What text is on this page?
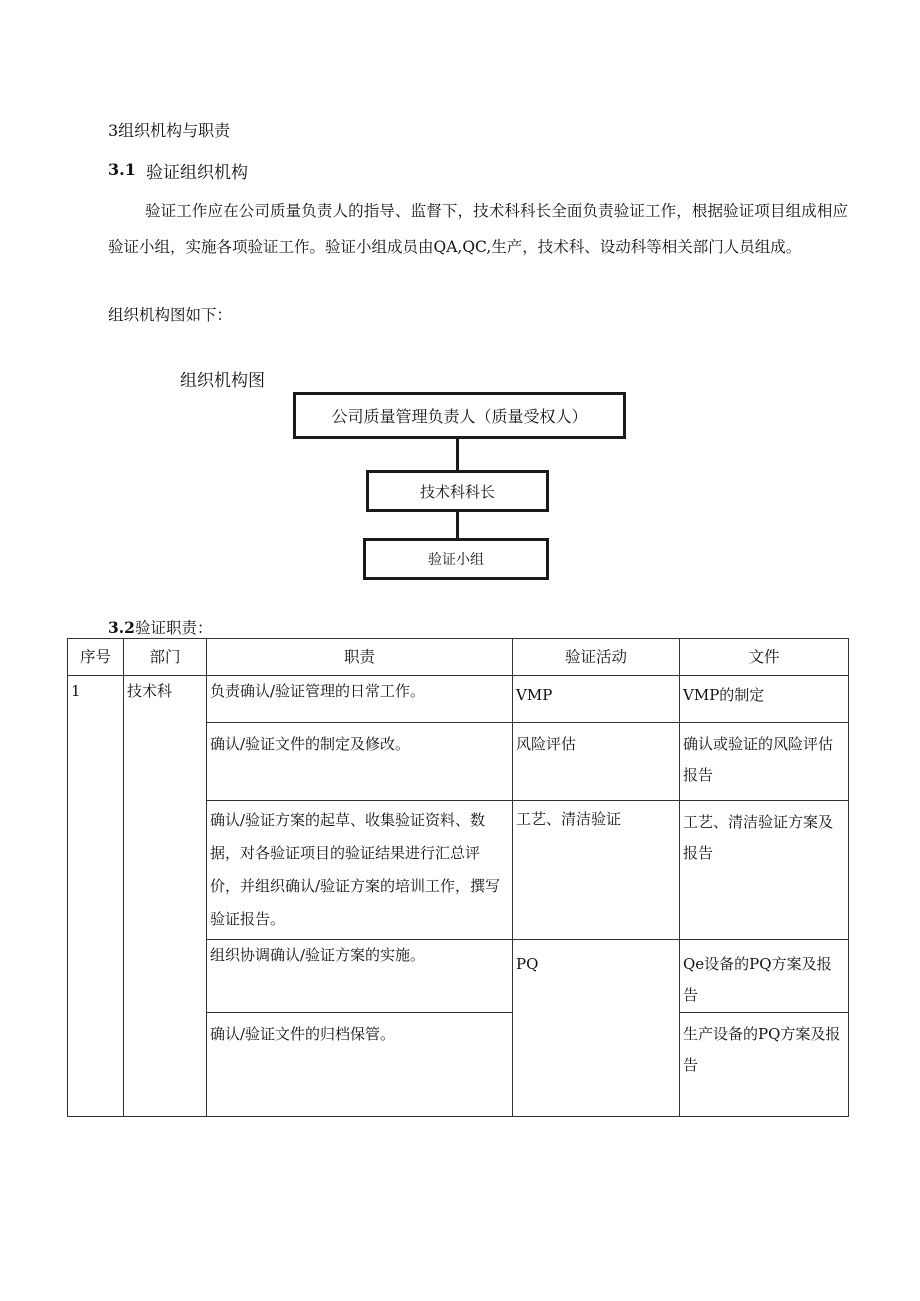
3组织机构与职责
3.1 验证组织机构
验证工作应在公司质量负责人的指导、监督下，技术科科长全面负责验证工作，根据验证项目组成相应验证小组，实施各项验证工作。验证小组成员由QA,QC,生产，技术科、设动科等相关部门人员组成。
组织机构图如下：
组织机构图
公司质量管理负责人（质量受权人）
技术科科长
验证小组
3.2验证职责：
序号	部门	职责	验证活动	文件
1	技术科	负责确认/验证管理的日常工作。	VMP	VMP的制定
		确认/验证文件的制定及修改。	风险评估	确认或验证的风险评估报告
		确认/验证方案的起草、收集验证资料、数据，对各验证项目的验证结果进行汇总评价，并组织确认/验证方案的培训工作，撰写验证报告。	工艺、清洁验证	工艺、清洁验证方案及报告
		组织协调确认/验证方案的实施。	PQ	Qe设备的PQ方案及报告
		确认/验证文件的归档保管。		生产设备的PQ方案及报告
